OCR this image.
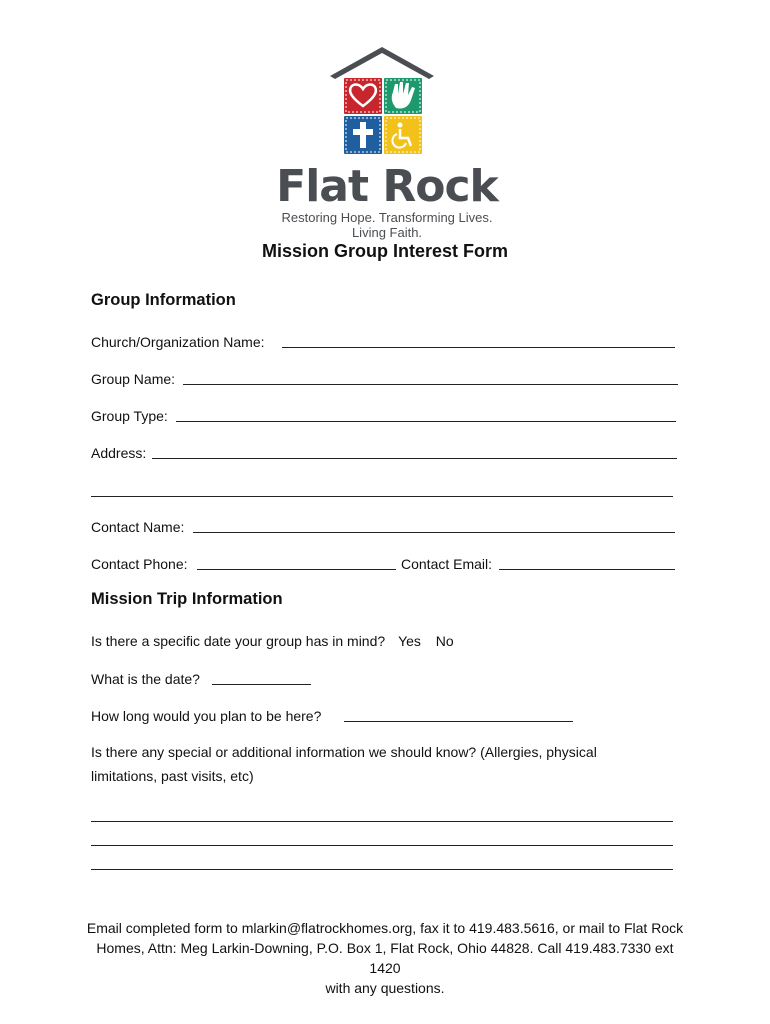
Flat Rock
Restoring Hope. Transforming Lives. Living Faith.
Mission Group Interest Form
Group Information
Church/Organization Name:
Group Name:
Group Type:
Address:
Contact Name:
Contact Phone:	Contact Email:
Mission Trip Information
Is there a specific date your group has in mind? Yes No
What is the date?
How long would you plan to be here?
Is there any special or additional information we should know? (Allergies, physical
limitations, past visits, etc)
Email completed form to mlarkin@flatrockhomes.org, fax it to 419.483.5616, or mail to Flat Rock
Homes, Attn: Meg Larkin-Downing, P.O. Box 1, Flat Rock, Ohio 44828. Call 419.483.7330 ext 1420
with any questions.
